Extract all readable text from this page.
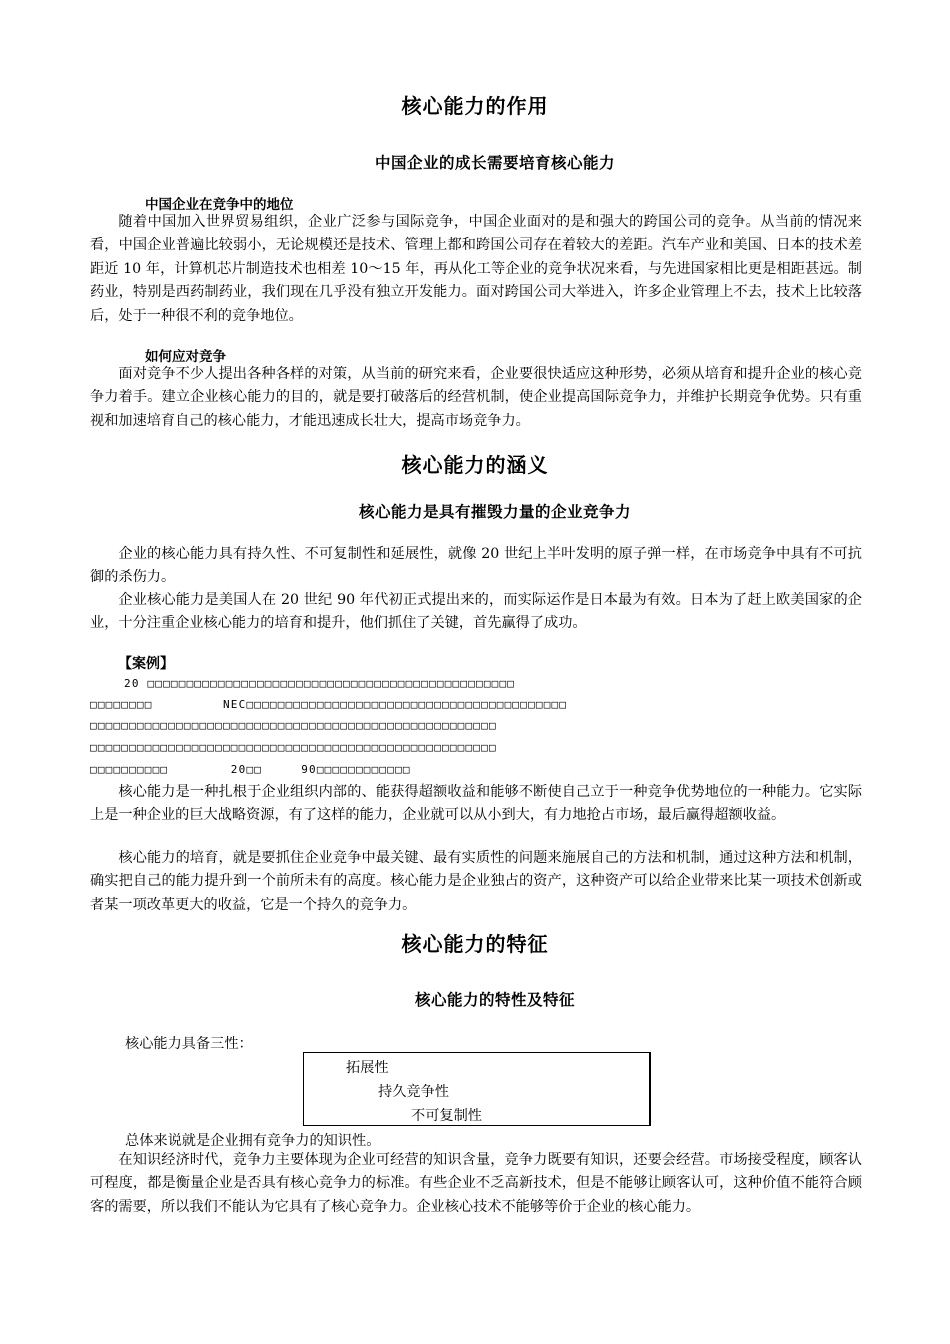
核心能力的作用
中国企业的成长需要培育核心能力
中国企业在竞争中的地位

随着中国加入世界贸易组织，企业广泛参与国际竞争，中国企业面对的是和强大的跨国公司的竞争。从当前的情况来看，中国企业普遍比较弱小，无论规模还是技术、管理上都和跨国公司存在着较大的差距。汽车产业和美国、日本的技术差距近 10 年，计算机芯片制造技术也相差 10～15 年，再从化工等企业的竞争状况来看，与先进国家相比更是相距甚远。制药业，特别是西药制药业，我们现在几乎没有独立开发能力。面对跨国公司大举进入，许多企业管理上不去，技术上比较落后，处于一种很不利的竞争地位。

如何应对竞争

面对竞争不少人提出各种各样的对策，从当前的研究来看，企业要很快适应这种形势，必须从培育和提升企业的核心竞争力着手。建立企业核心能力的目的，就是要打破落后的经营机制，使企业提高国际竞争力，并维护长期竞争优势。只有重视和加速培育自己的核心能力，才能迅速成长壮大，提高市场竞争力。

核心能力的涵义
核心能力是具有摧毁力量的企业竞争力

企业的核心能力具有持久性、不可复制性和延展性，就像 20 世纪上半叶发明的原子弹一样，在市场竞争中具有不可抗御的杀伤力。

企业核心能力是美国人在 20 世纪 90 年代初正式提出来的，而实际运作是日本最为有效。日本为了赶上欧美国家的企业，十分注重企业核心能力的培育和提升，他们抓住了关键，首先赢得了成功。

【案例】
20 □□□□□□□□□□□□□□□□□□□□□□□□□□□□□□□□□□□□□□□□□□□□□□□
□□□□□□□□         NEC□□□□□□□□□□□□□□□□□□□□□□□□□□□□□□□□□□□□□□□□□
□□□□□□□□□□□□□□□□□□□□□□□□□□□□□□□□□□□□□□□□□□□□□□□□□□□□
□□□□□□□□□□□□□□□□□□□□□□□□□□□□□□□□□□□□□□□□□□□□□□□□□□□□
□□□□□□□□□□        20□□     90□□□□□□□□□□□□

核心能力是一种扎根于企业组织内部的、能获得超额收益和能够不断使自己立于一种竞争优势地位的一种能力。它实际上是一种企业的巨大战略资源，有了这样的能力，企业就可以从小到大，有力地抢占市场，最后赢得超额收益。

核心能力的培育，就是要抓住企业竞争中最关键、最有实质性的问题来施展自己的方法和机制，通过这种方法和机制，确实把自己的能力提升到一个前所未有的高度。核心能力是企业独占的资产，这种资产可以给企业带来比某一项技术创新或者某一项改革更大的收益，它是一个持久的竞争力。

核心能力的特征
核心能力的特性及特征

核心能力具备三性：

拓展性
持久竞争性
不可复制性

总体来说就是企业拥有竞争力的知识性。

在知识经济时代，竞争力主要体现为企业可经营的知识含量，竞争力既要有知识，还要会经营。市场接受程度，顾客认可程度，都是衡量企业是否具有核心竞争力的标准。有些企业不乏高新技术，但是不能够让顾客认可，这种价值不能符合顾客的需要，所以我们不能认为它具有了核心竞争力。企业核心技术不能够等价于企业的核心能力。
